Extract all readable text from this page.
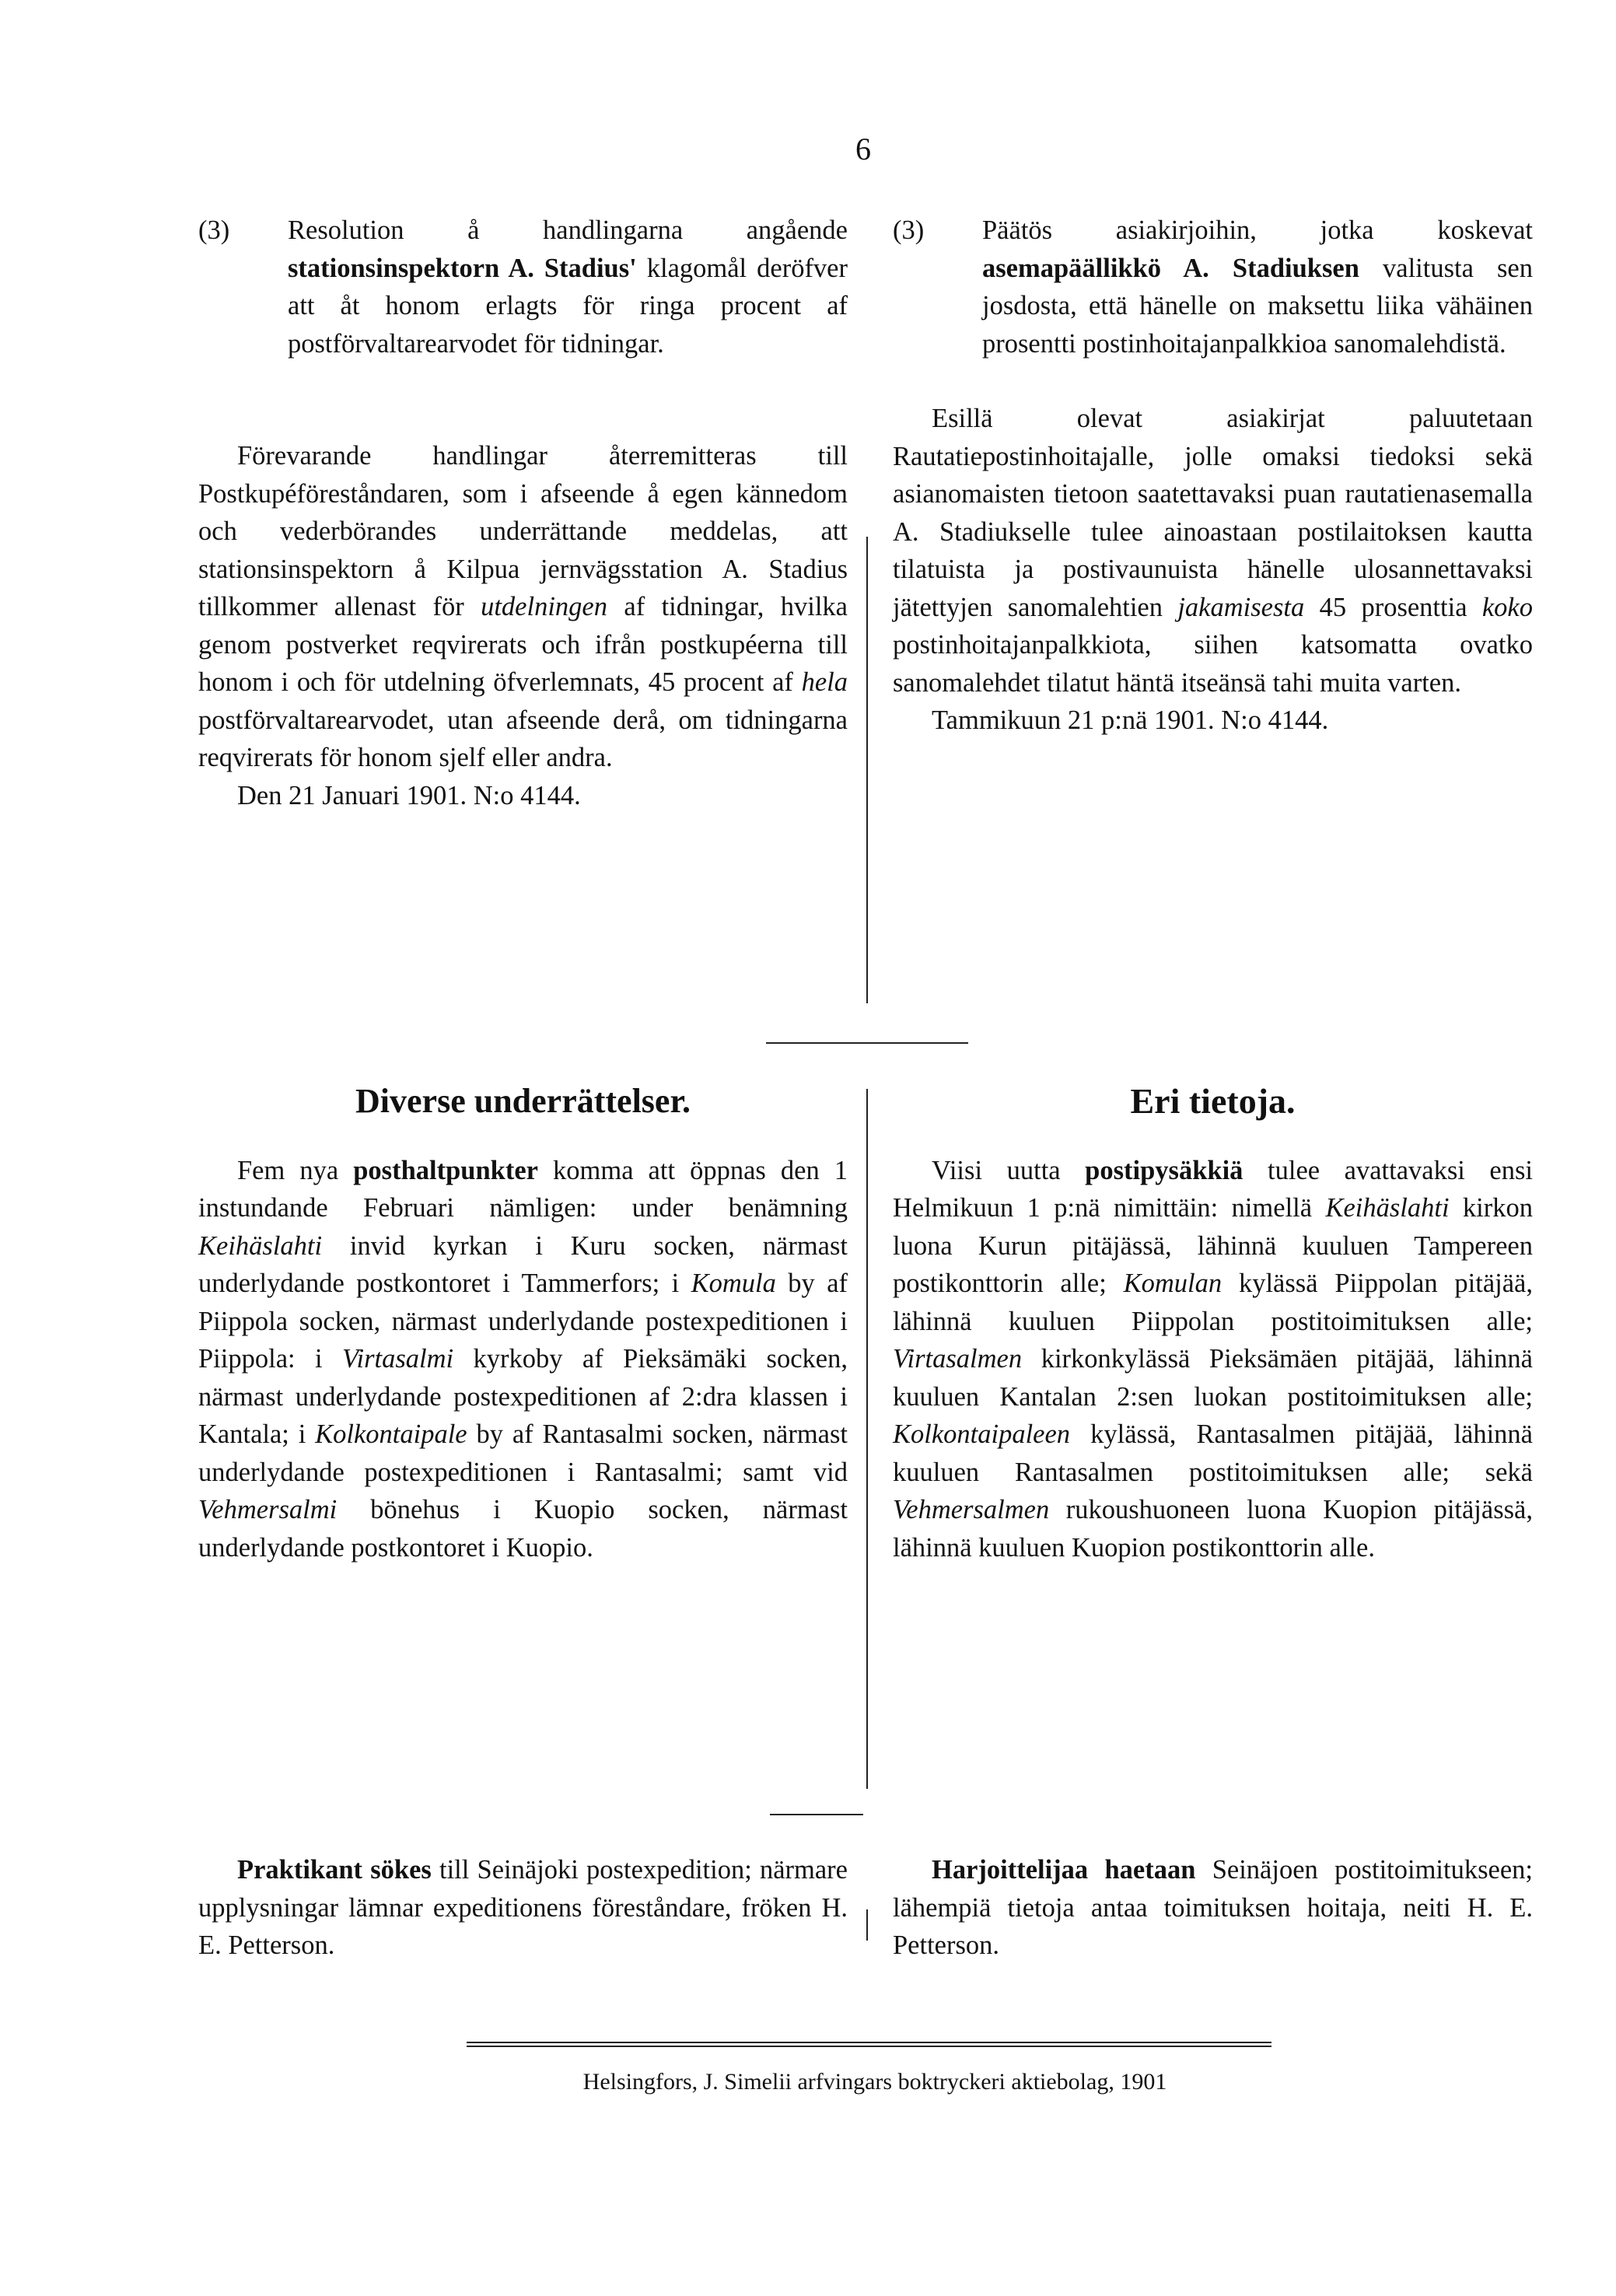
6

(3) Resolution å handlingarna angående stationsinspektorn A. Stadius' klagomål deröfver att åt honom erlagts för ringa procent af postförvaltarearvodet för tidningar.

Förevarande handlingar återremitteras till Postkupéföreståndaren, som i afseende å egen kännedom och vederbörandes underrättande meddelas, att stationsinspektorn å Kilpua jernvägsstation A. Stadius tillkommer allenast för utdelningen af tidningar, hvilka genom postverket reqvirerats och ifrån postkupéerna till honom i och för utdelning öfverlemnats, 45 procent af hela postförvaltarearvodet, utan afseende derå, om tidningarna reqvirerats för honom sjelf eller andra.

Den 21 Januari 1901. N:o 4144.

(3) Päätös asiakirjoihin, jotka koskevat asemapäällikkö A. Stadiuksen valitusta sen josdosta, että hänelle on maksettu liika vähäinen prosentti postinhoitajanpalkkioa sanomalehdistä.

Esillä olevat asiakirjat paluutetaan Rautatiepostinhoitajalle, jolle omaksi tiedoksi sekä asianomaisten tietoon saatettavaksi puan rautatienasemalla A. Stadiukselle tulee ainoastaan postilaitoksen kautta tilatuista ja postivaunuista hänelle ulosannettavaksi jätettyjen sanomalehtien jakamisesta 45 prosenttia koko postinhoitajanpalkkiota, siihen katsomatta ovatko sanomalehdet tilatut häntä itseänsä tahi muita varten.

Tammikuun 21 p:nä 1901. N:o 4144.

Diverse underrättelser.

Fem nya posthaltpunkter komma att öppnas den 1 instundande Februari nämligen: under benämning Keihäslahti invid kyrkan i Kuru socken, närmast underlydande postkontoret i Tammerfors; i Komula by af Piippola socken, närmast underlydande postexpeditionen i Piippola: i Virtasalmi kyrkoby af Pieksämäki socken, närmast underlydande postexpeditionen af 2:dra klassen i Kantala; i Kolkontaipale by af Rantasalmi socken, närmast underlydande postexpeditionen i Rantasalmi; samt vid Vehmersalmi bönehus i Kuopio socken, närmast underlydande postkontoret i Kuopio.

Eri tietoja.

Viisi uutta postipysäkkiä tulee avattavaksi ensi Helmikuun 1 p:nä nimittäin: nimellä Keihäslahti kirkon luona Kurun pitäjässä, lähinnä kuuluen Tampereen postikonttorin alle; Komulan kylässä Piippolan pitäjää, lähinnä kuuluen Piippolan postitoimituksen alle; Virtasalmen kirkonkylässä Pieksämäen pitäjää, lähinnä kuuluen Kantalan 2:sen luokan postitoimituksen alle; Kolkontaipaleen kylässä, Rantasalmen pitäjää, lähinnä kuuluen Rantasalmen postitoimituksen alle; sekä Vehmersalmen rukoushuoneen luona Kuopion pitäjässä, lähinnä kuuluen Kuopion postikonttorin alle.

Praktikant sökes till Seinäjoki postexpedition; närmare upplysningar lämnar expeditionens föreståndare, fröken H. E. Petterson.

Harjoittelijaa haetaan Seinäjoen postitoimitukseen; lähempiä tietoja antaa toimituksen hoitaja, neiti H. E. Petterson.

Helsingfors, J. Simelii arfvingars boktryckeri aktiebolag, 1901
